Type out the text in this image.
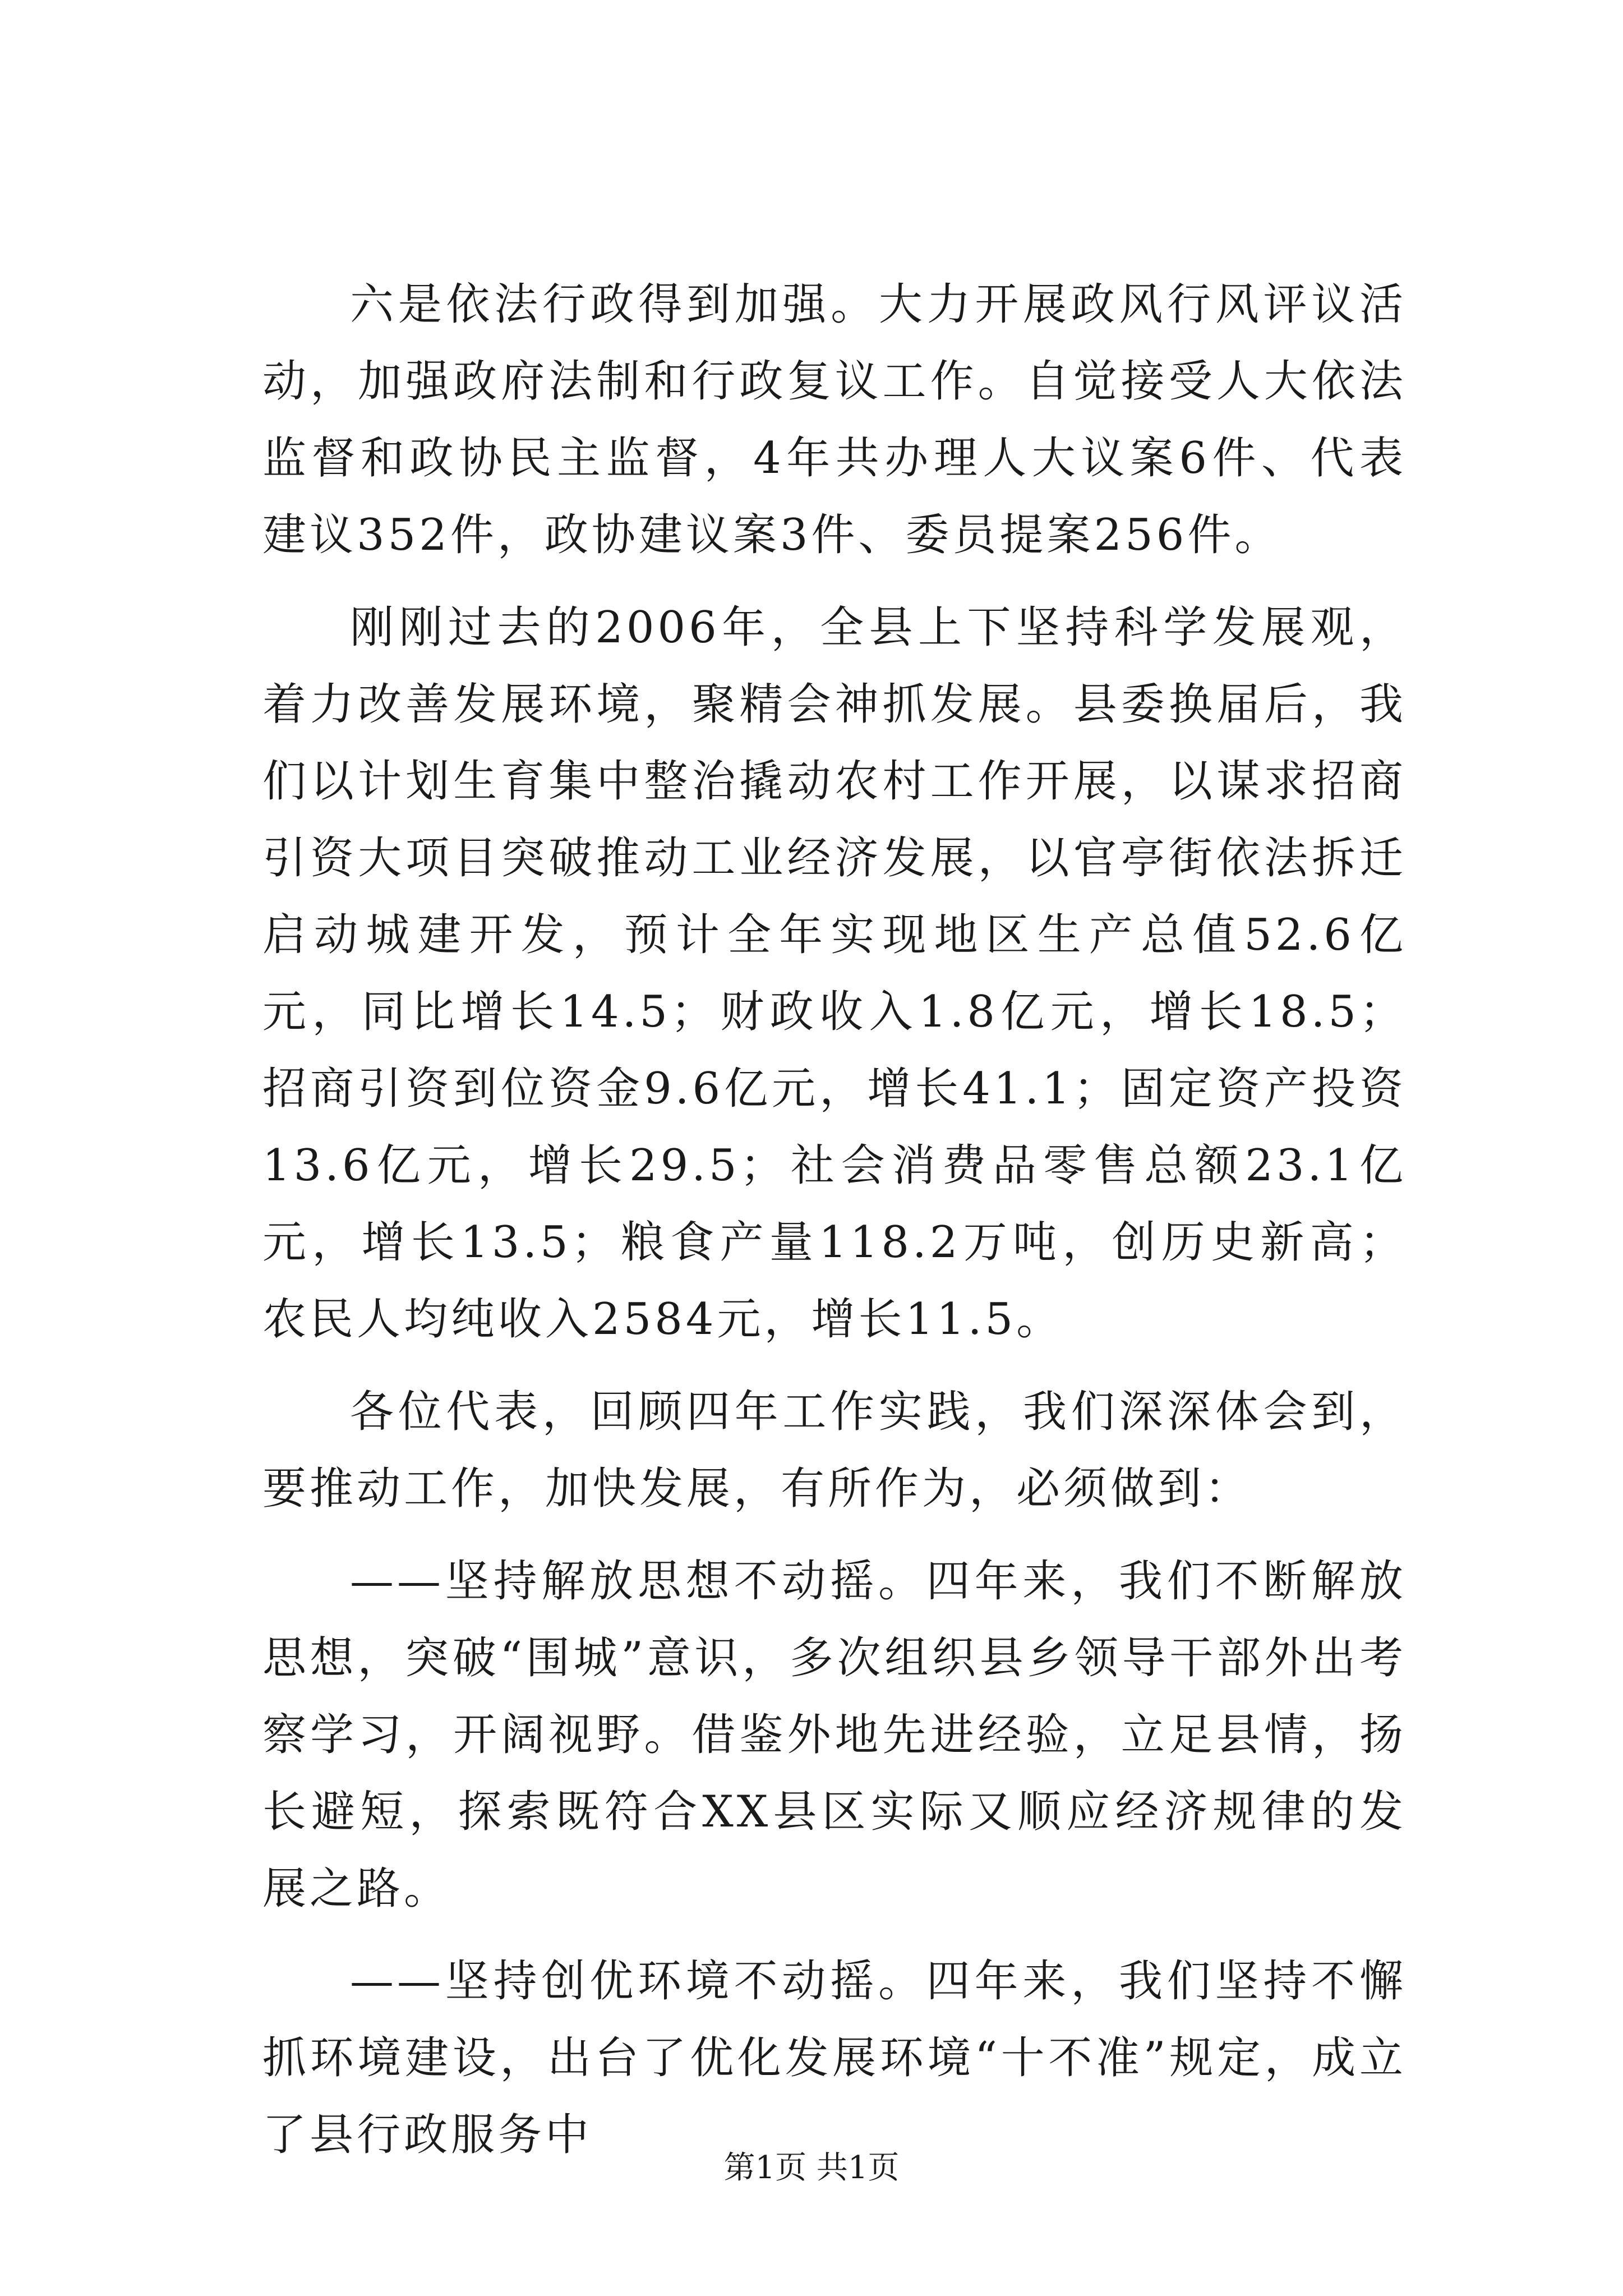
六是依法行政得到加强。大力开展政风行风评议活动，加强政府法制和行政复议工作。自觉接受人大依法监督和政协民主监督，4年共办理人大议案6件、代表建议352件，政协建议案3件、委员提案256件。

刚刚过去的2006年，全县上下坚持科学发展观，着力改善发展环境，聚精会神抓发展。县委换届后，我们以计划生育集中整治撬动农村工作开展，以谋求招商引资大项目突破推动工业经济发展，以官亭街依法拆迁启动城建开发，预计全年实现地区生产总值52.6亿元，同比增长14.5；财政收入1.8亿元，增长18.5；招商引资到位资金9.6亿元，增长41.1；固定资产投资13.6亿元，增长29.5；社会消费品零售总额23.1亿元，增长13.5；粮食产量118.2万吨，创历史新高；农民人均纯收入2584元，增长11.5。

各位代表，回顾四年工作实践，我们深深体会到，要推动工作，加快发展，有所作为，必须做到：

——坚持解放思想不动摇。四年来，我们不断解放思想，突破“围城”意识，多次组织县乡领导干部外出考察学习，开阔视野。借鉴外地先进经验，立足县情，扬长避短，探索既符合XX县区实际又顺应经济规律的发展之路。

——坚持创优环境不动摇。四年来，我们坚持不懈抓环境建设，出台了优化发展环境“十不准”规定，成立了县行政服务中

第1页 共1页
